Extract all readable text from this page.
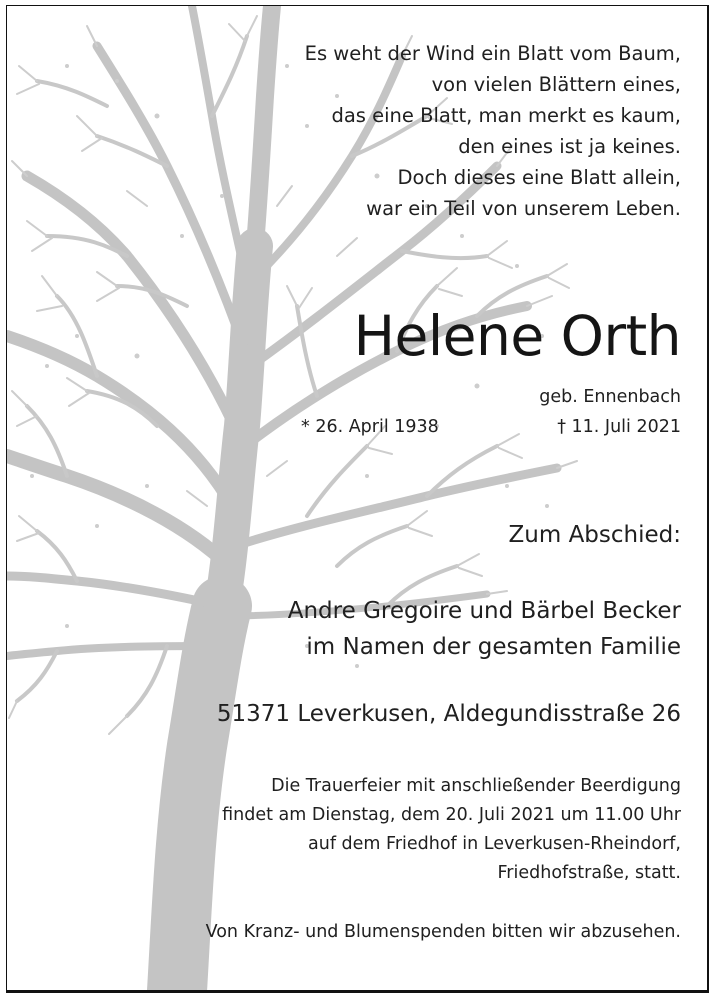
Es weht der Wind ein Blatt vom Baum,
von vielen Blättern eines,
das eine Blatt, man merkt es kaum,
den eines ist ja keines.
Doch dieses eine Blatt allein,
war ein Teil von unserem Leben.
Helene Orth
geb. Ennenbach
* 26. April 1938	† 11. Juli 2021
Zum Abschied:
Andre Gregoire und Bärbel Becker
im Namen der gesamten Familie
51371 Leverkusen, Aldegundisstraße 26
Die Trauerfeier mit anschließender Beerdigung
findet am Dienstag, dem 20. Juli 2021 um 11.00 Uhr
auf dem Friedhof in Leverkusen-Rheindorf,
Friedhofstraße, statt.
Von Kranz- und Blumenspenden bitten wir abzusehen.
